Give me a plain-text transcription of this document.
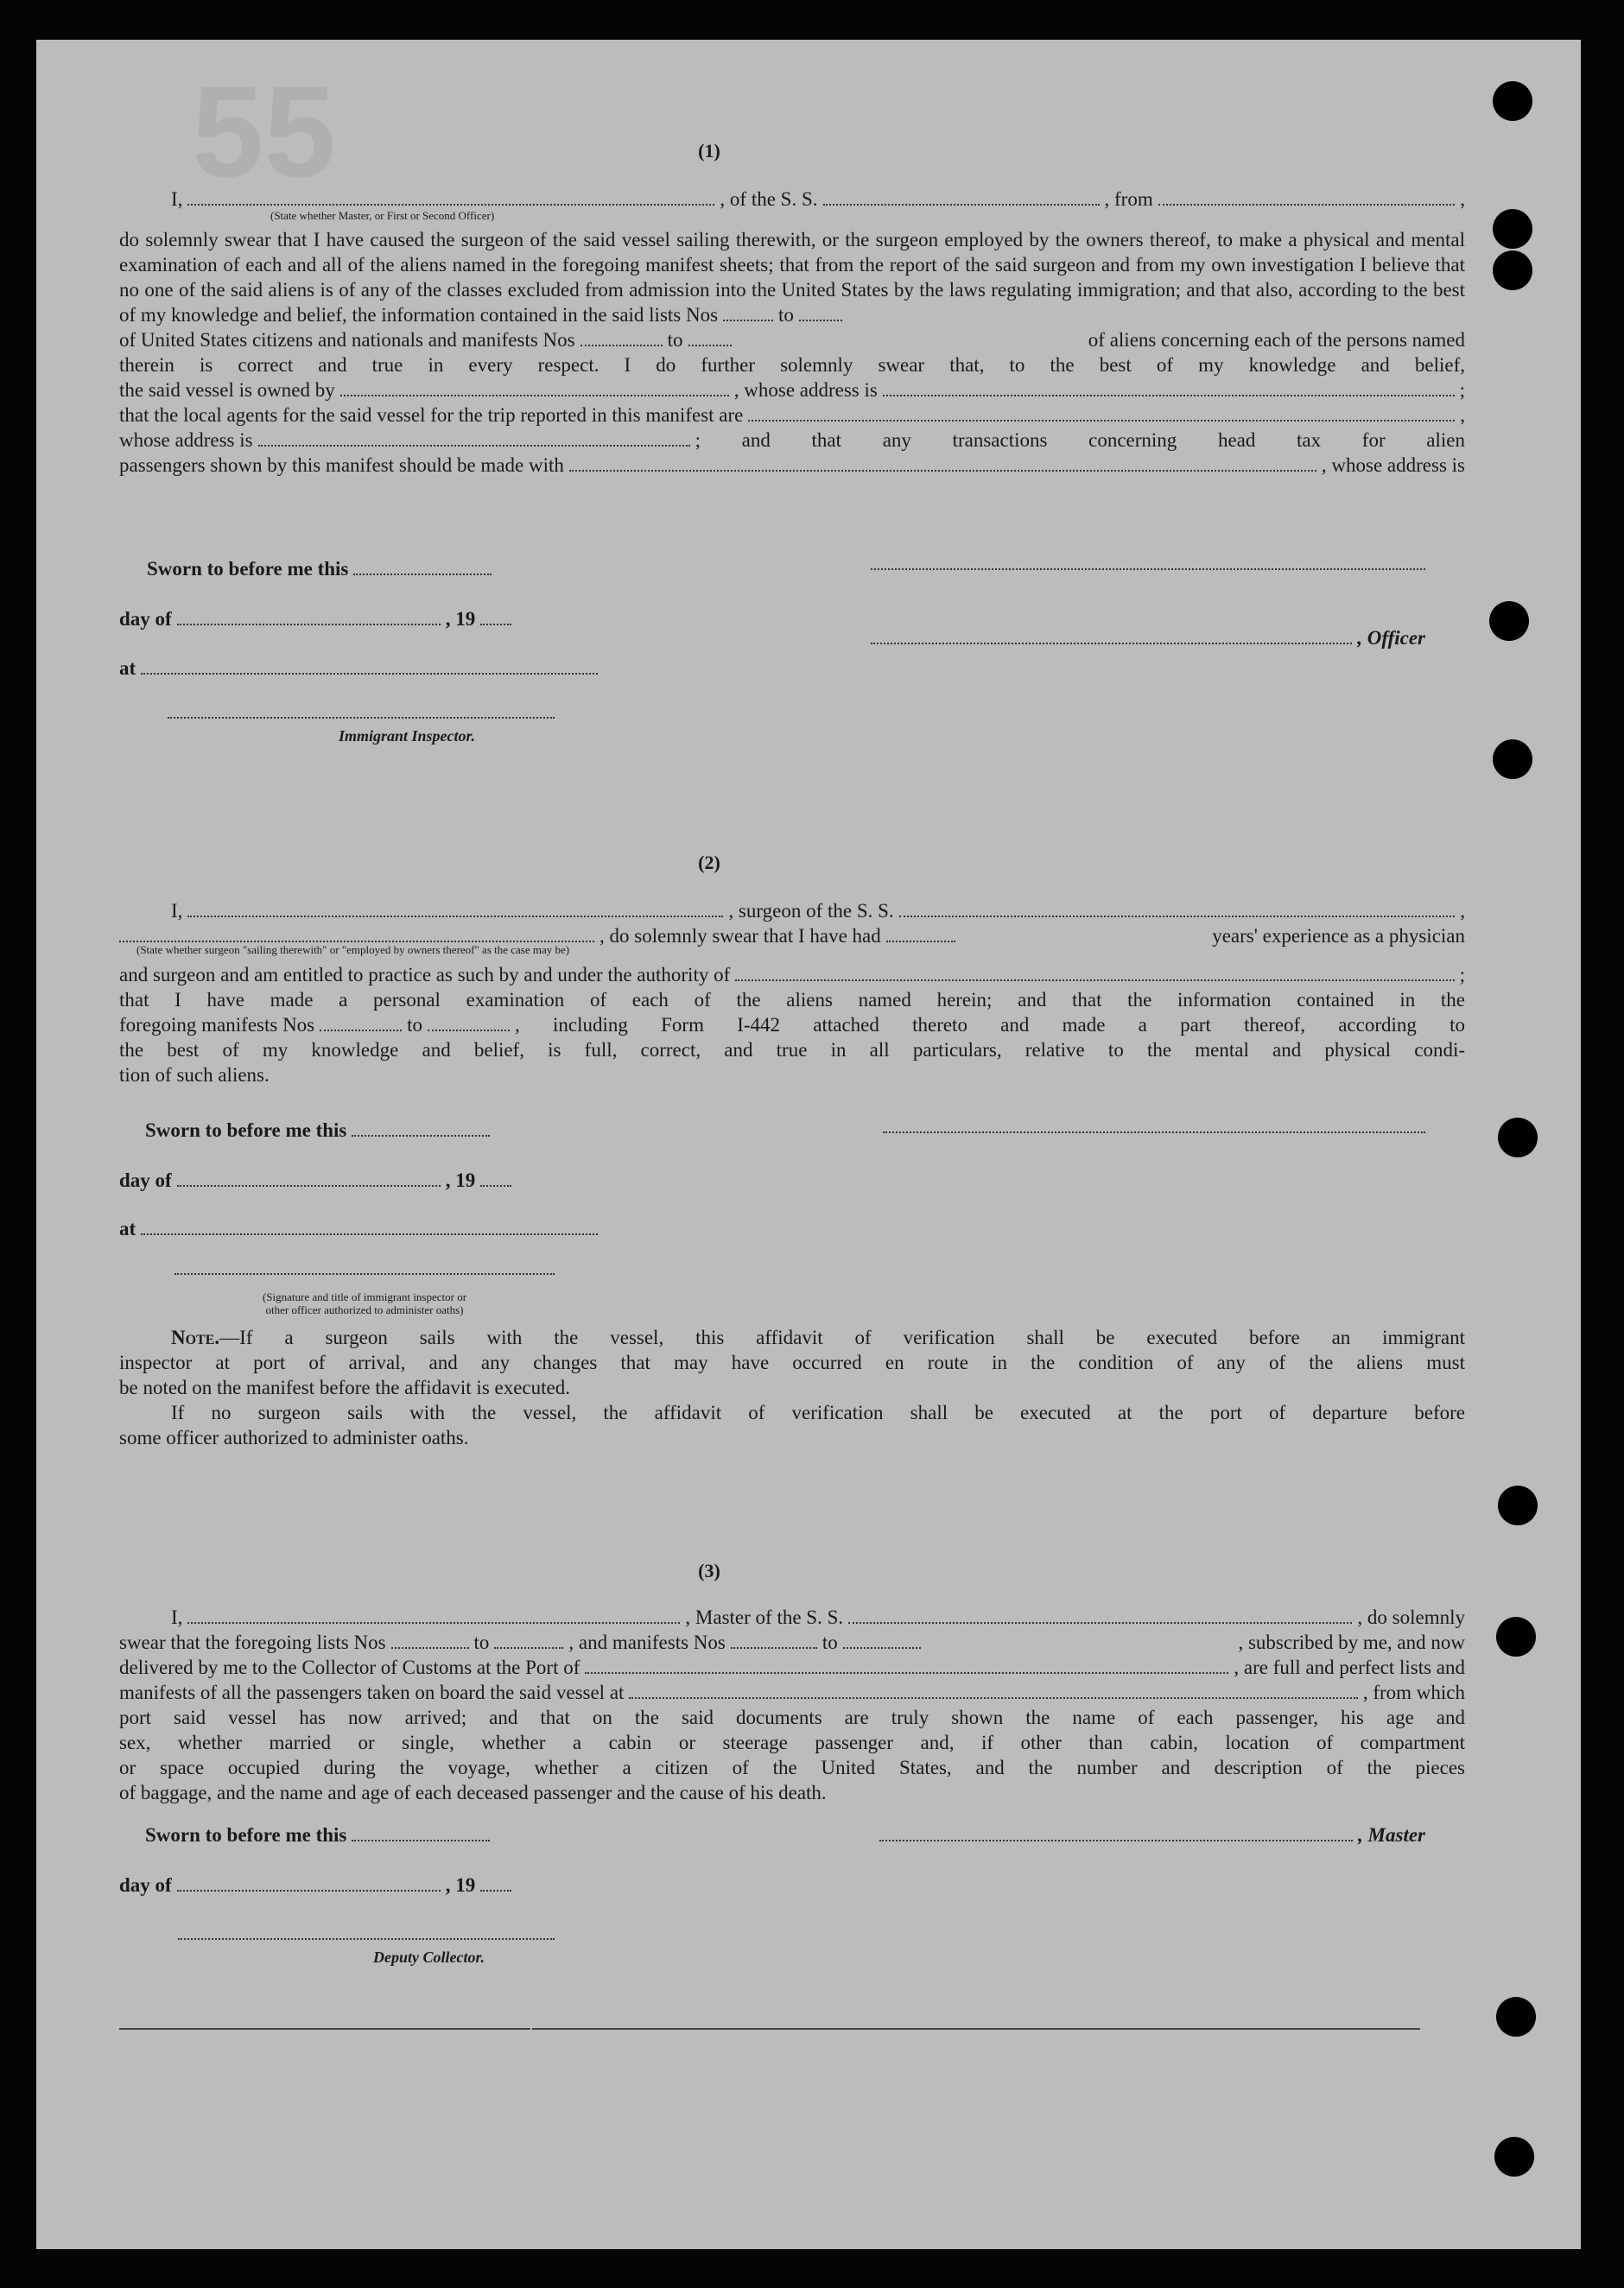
55	(1)
I,	, of the S. S.	, from	,
(State whether Master, or First or Second Officer)
do solemnly swear that I have caused the surgeon of the said vessel sailing therewith, or the surgeon employed by the owners thereof, to make a physical and mental examination of each and all of the aliens named in the foregoing manifest sheets; that from the report of the said surgeon and from my own investigation I believe that no one of the said aliens is of any of the classes excluded from admission into the United States by the laws regulating immigration; and that also, according to the best of my knowledge and belief, the information contained in the said lists Nos	to
of United States citizens and nationals and manifests Nos	to	of aliens concerning each of the persons named
therein is correct and true in every respect. I do further solemnly swear that, to the best of my knowledge and belief,
the said vessel is owned by	, whose address is	;
that the local agents for the said vessel for the trip reported in this manifest are	,
whose address is	; and that any transactions concerning head tax for alien
passengers shown by this manifest should be made with	, whose address is
Sworn to before me this
day of	, 19
, Officer
at
Immigrant Inspector.
(2)
I,	, surgeon of the S. S.	,
, do solemnly swear that I have had	years' experience as a physician
(State whether surgeon "sailing therewith" or "employed by owners thereof" as the case may be)
and surgeon and am entitled to practice as such by and under the authority of	;
that I have made a personal examination of each of the aliens named herein; and that the information contained in the
foregoing manifests Nos	to	, including Form I-442 attached thereto and made a part thereof, according to
the best of my knowledge and belief, is full, correct, and true in all particulars, relative to the mental and physical condi-
tion of such aliens.
Sworn to before me this
day of	, 19
at
(Signature and title of immigrant inspector or
other officer authorized to administer oaths)
Note. —If a surgeon sails with the vessel, this affidavit of verification shall be executed before an immigrant
inspector at port of arrival, and any changes that may have occurred en route in the condition of any of the aliens must
be noted on the manifest before the affidavit is executed.
If no surgeon sails with the vessel, the affidavit of verification shall be executed at the port of departure before
some officer authorized to administer oaths.
(3)
I,	, Master of the S. S.	, do solemnly
swear that the foregoing lists Nos	to	, and manifests Nos	to	, subscribed by me, and now
delivered by me to the Collector of Customs at the Port of	, are full and perfect lists and
manifests of all the passengers taken on board the said vessel at	, from which
port said vessel has now arrived; and that on the said documents are truly shown the name of each passenger, his age and
sex, whether married or single, whether a cabin or steerage passenger and, if other than cabin, location of compartment
or space occupied during the voyage, whether a citizen of the United States, and the number and description of the pieces
of baggage, and the name and age of each deceased passenger and the cause of his death.
Sworn to before me this	, Master
day of	, 19
Deputy Collector.
